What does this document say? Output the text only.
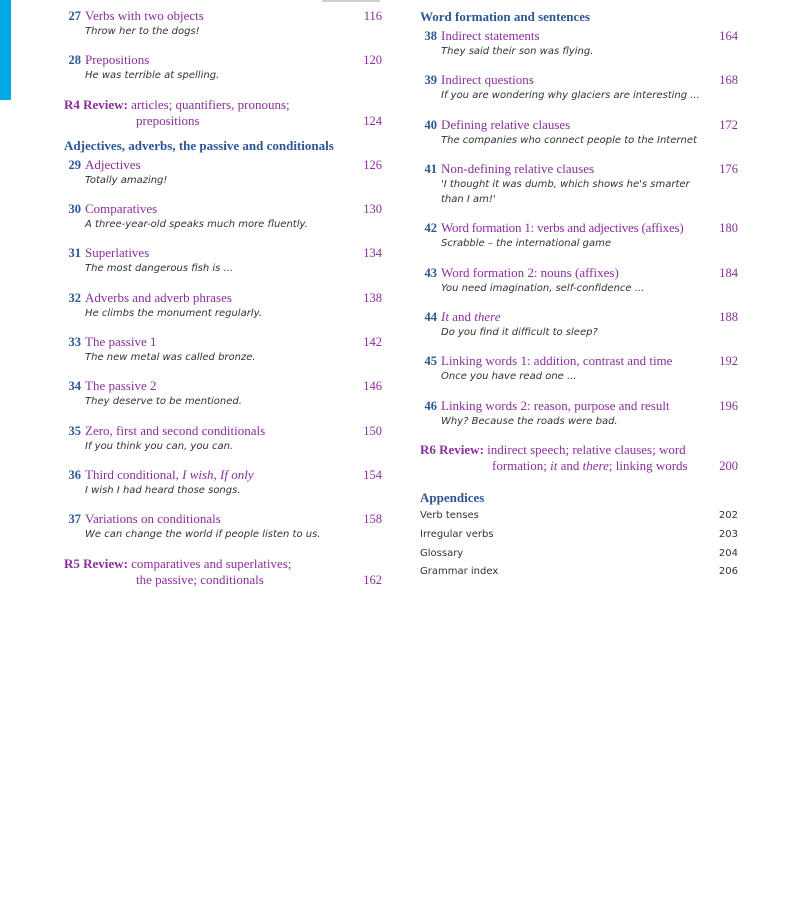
27 Verbs with two objects	116
Throw her to the dogs!
28 Prepositions	120
He was terrible at spelling.
R4 Review: articles; quantifiers, pronouns;
prepositions	124
Adjectives, adverbs, the passive and conditionals
29 Adjectives	126
Totally amazing!
30 Comparatives	130
A three-year-old speaks much more fluently.
31 Superlatives	134
The most dangerous fish is ...
32 Adverbs and adverb phrases	138
He climbs the monument regularly.
33 The passive 1	142
The new metal was called bronze.
34 The passive 2	146
They deserve to be mentioned.
35 Zero, first and second conditionals	150
If you think you can, you can.
36 Third conditional, I wish, If only	154
I wish I had heard those songs.
37 Variations on conditionals	158
We can change the world if people listen to us.
R5 Review: comparatives and superlatives;
the passive; conditionals	162
Word formation and sentences
38 Indirect statements	164
They said their son was flying.
39 Indirect questions	168
If you are wondering why glaciers are interesting ...
40 Defining relative clauses	172
The companies who connect people to the Internet
41 Non-defining relative clauses	176
'I thought it was dumb, which shows he's smarter
than I am!'
42 Word formation 1: verbs and adjectives (affixes)	180
Scrabble – the international game
43 Word formation 2: nouns (affixes)	184
You need imagination, self-confidence ...
44 It and there	188
Do you find it difficult to sleep?
45 Linking words 1: addition, contrast and time	192
Once you have read one ...
46 Linking words 2: reason, purpose and result	196
Why? Because the roads were bad.
R6 Review: indirect speech; relative clauses; word
formation; it and there; linking words	200
Appendices
Verb tenses	202
Irregular verbs	203
Glossary	204
Grammar index	206
